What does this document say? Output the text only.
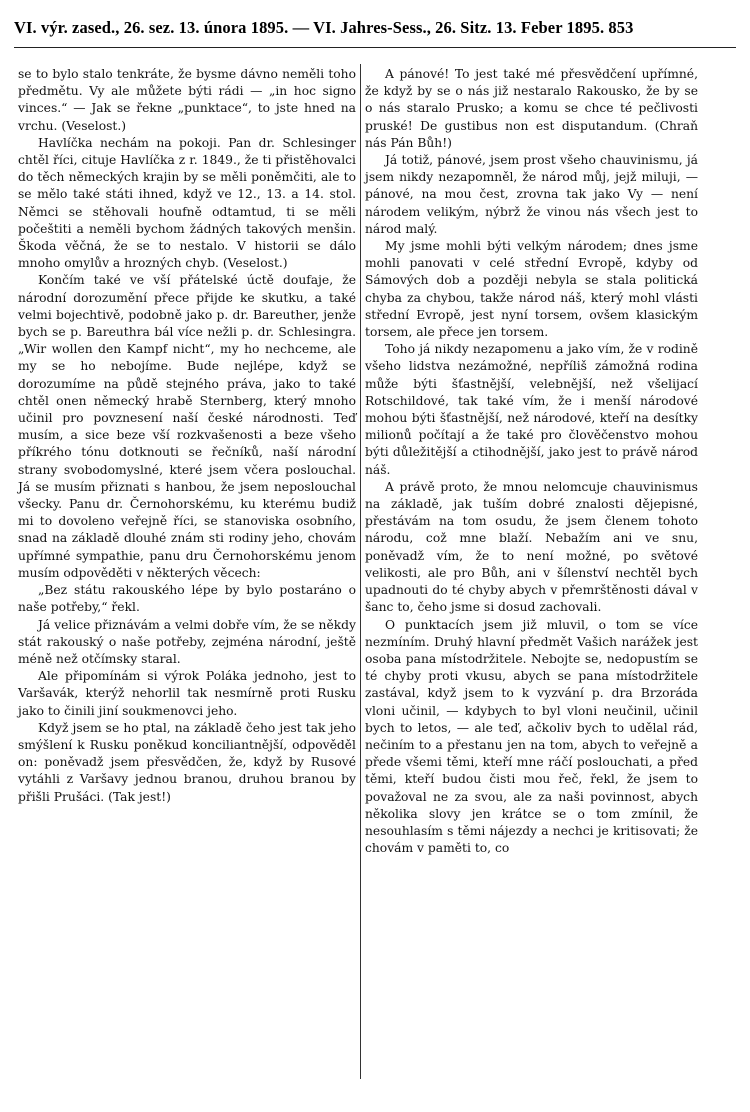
VI. výr. zased., 26. sez. 13. února 1895. — VI. Jahres-Sess., 26. Sitz. 13. Feber 1895. 853

se to bylo stalo tenkráte, že bysme dávno neměli toho předmětu. Vy ale můžete býti rádi — „in hoc signo vinces.“ — Jak se řekne „punktace“, to jste hned na vrchu. (Veselost.)

Havlíčka nechám na pokoji. Pan dr. Schlesinger chtěl říci, cituje Havlíčka z r. 1849., že ti přistěhovalci do těch německých krajin by se měli poněmčiti, ale to se mělo také státi ihned, když ve 12., 13. a 14. stol. Němci se stěhovali houfně odtamtud, ti se měli počeštiti a neměli bychom žádných takových menšin. Škoda věčná, že se to nestalo. V historii se dálo mnoho omylův a hrozných chyb. (Veselost.)

Končím také ve vší přátelské úctě doufaje, že národní dorozumění přece přijde ke skutku, a také velmi bojechtivě, podobně jako p. dr. Bareuther, jenže bych se p. Bareuthra bál více nežli p. dr. Schlesingra. „Wir wollen den Kampf nicht“, my ho nechceme, ale my se ho nebojíme. Bude nejlépe, když se dorozumíme na půdě stejného práva, jako to také chtěl onen německý hrabě Sternberg, který mnoho učinil pro povznesení naší české národnosti. Teď musím, a sice beze vší rozkvašenosti a beze všeho příkrého tónu dotknouti se řečníků, naší národní strany svobodomyslné, které jsem včera poslouchal. Já se musím přiznati s hanbou, že jsem neposlouchal všecky. Panu dr. Černohorskému, ku kterému budiž mi to dovoleno veřejně říci, se stanoviska osobního, snad na základě dlouhé znám sti rodiny jeho, chovám upřímné sympathie, panu dru Černohorskému jenom musím odpověděti v některých věcech:

„Bez státu rakouského lépe by bylo postaráno o naše potřeby,“ řekl.

Já velice přiznávám a velmi dobře vím, že se někdy stát rakouský o naše potřeby, zejména národní, ještě méně než otčímsky staral.

Ale připomínám si výrok Poláka jednoho, jest to Varšavák, kterýž nehorlil tak nesmírně proti Rusku jako to činili jiní soukmenovci jeho.

Když jsem se ho ptal, na základě čeho jest tak jeho smýšlení k Rusku poněkud konciliantnější, odpověděl on: poněvadž jsem přesvědčen, že, když by Rusové vytáhli z Varšavy jednou branou, druhou branou by přišli Prušáci. (Tak jest!)

A pánové! To jest také mé přesvědčení upřímné, že když by se o nás již nestaralo Rakousko, že by se o nás staralo Prusko; a komu se chce té pečlivosti pruské! De gustibus non est disputandum. (Chraň nás Pán Bůh!)

Já totiž, pánové, jsem prost všeho chauvinismu, já jsem nikdy nezapomněl, že národ můj, jejž miluji, — pánové, na mou čest, zrovna tak jako Vy — není národem velikým, nýbrž že vinou nás všech jest to národ malý.

My jsme mohli býti velkým národem; dnes jsme mohli panovati v celé střední Evropě, kdyby od Sámových dob a později nebyla se stala politická chyba za chybou, takže národ náš, který mohl vlásti střední Evropě, jest nyní torsem, ovšem klasickým torsem, ale přece jen torsem.

Toho já nikdy nezapomenu a jako vím, že v rodině všeho lidstva nezámožné, nepříliš zámožná rodina může býti šťastnější, velebnější, než všelijací Rotschildové, tak také vím, že i menší národové mohou býti šťastnější, než národové, kteří na desítky milionů počítají a že také pro člověčenstvo mohou býti důležitější a ctihodnější, jako jest to právě národ náš.

A právě proto, že mnou nelomcuje chauvinismus na základě, jak tuším dobré znalosti dějepisné, přestávám na tom osudu, že jsem členem tohoto národu, což mne blaží. Nebažím ani ve snu, poněvadž vím, že to není možné, po světové velikosti, ale pro Bůh, ani v šílenství nechtěl bych upadnouti do té chyby abych v přemrštěnosti dával v šanc to, čeho jsme si dosud zachovali.

O punktacích jsem již mluvil, o tom se více nezmíním. Druhý hlavní předmět Vašich narážek jest osoba pana místodržitele. Nebojte se, nedopustím se té chyby proti vkusu, abych se pana místodržitele zastával, když jsem to k vyzvání p. dra Brzoráda vloni učinil, — kdybych to byl vloni neučinil, učinil bych to letos, — ale teď, ačkoliv bych to udělal rád, nečiním to a přestanu jen na tom, abych to veřejně a přede všemi těmi, kteří mne ráčí poslouchati, a před těmi, kteří budou čisti mou řeč, řekl, že jsem to považoval ne za svou, ale za naši povinnost, abych několika slovy jen krátce se o tom zmínil, že nesouhlasím s těmi nájezdy a nechci je kritisovati; že chovám v paměti to, co
